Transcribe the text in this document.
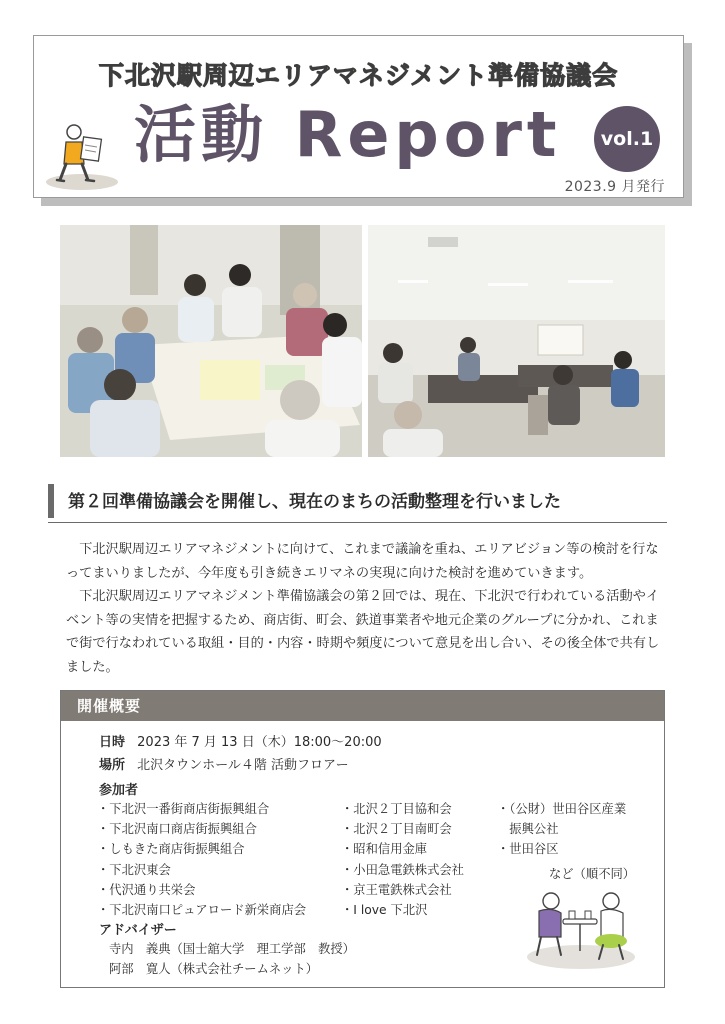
下北沢駅周辺エリアマネジメント準備協議会
活動 Report	vol.1
2023.9 月発行
第２回準備協議会を開催し、現在のまちの活動整理を行いました

下北沢駅周辺エリアマネジメントに向けて、これまで議論を重ね、エリアビジョン等の検討を行なってまいりましたが、今年度も引き続きエリマネの実現に向けた検討を進めていきます。

下北沢駅周辺エリアマネジメント準備協議会の第２回では、現在、下北沢で行われている活動やイベント等の実情を把握するため、商店街、町会、鉄道事業者や地元企業のグループに分かれ、これまで街で行なわれている取組・目的・内容・時期や頻度について意見を出し合い、その後全体で共有しました。

開催概要
日時 2023 年 7 月 13 日（木）18:00〜20:00
場所 北沢タウンホール４階 活動フロアー
参加者
・下北沢一番街商店街振興組合
・下北沢南口商店街振興組合
・しもきた商店街振興組合
・下北沢東会
・代沢通り共栄会
・下北沢南口ピュアロード新栄商店会
・北沢２丁目協和会
・北沢２丁目南町会
・昭和信用金庫
・小田急電鉄株式会社
・京王電鉄株式会社
・I love 下北沢
・（公財）世田谷区産業
　振興公社
・世田谷区
など（順不同）
アドバイザー
寺内　義典（国士舘大学　理工学部　教授）
阿部　寛人（株式会社チームネット）
